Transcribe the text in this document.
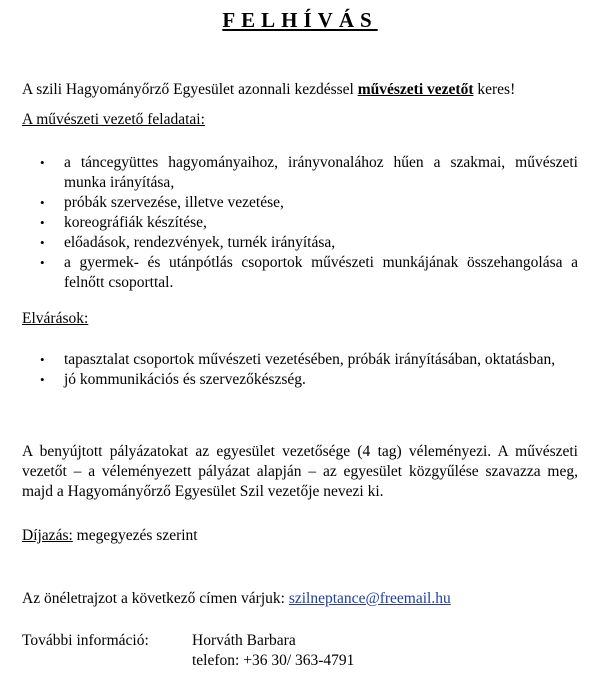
FELHÍVÁS
A szili Hagyományőrző Egyesület azonnali kezdéssel művészeti vezetőt keres!
A művészeti vezető feladatai:
• a táncegyüttes hagyományaihoz, irányvonalához hűen a szakmai, művészeti munka irányítása,
• próbák szervezése, illetve vezetése,
• koreográfiák készítése,
• előadások, rendezvények, turnék irányítása,
• a gyermek- és utánpótlás csoportok művészeti munkájának összehangolása a felnőtt csoporttal.
Elvárások:
• tapasztalat csoportok művészeti vezetésében, próbák irányításában, oktatásban,
• jó kommunikációs és szervezőkészség.
A benyújtott pályázatokat az egyesület vezetősége (4 tag) véleményezi. A művészeti vezetőt – a véleményezett pályázat alapján – az egyesület közgyűlése szavazza meg, majd a Hagyományőrző Egyesület Szil vezetője nevezi ki.
Díjazás: megegyezés szerint
Az önéletrajzot a következő címen várjuk: szilneptance@freemail.hu
További információ:	Horváth Barbara
telefon: +36 30/ 363-4791
